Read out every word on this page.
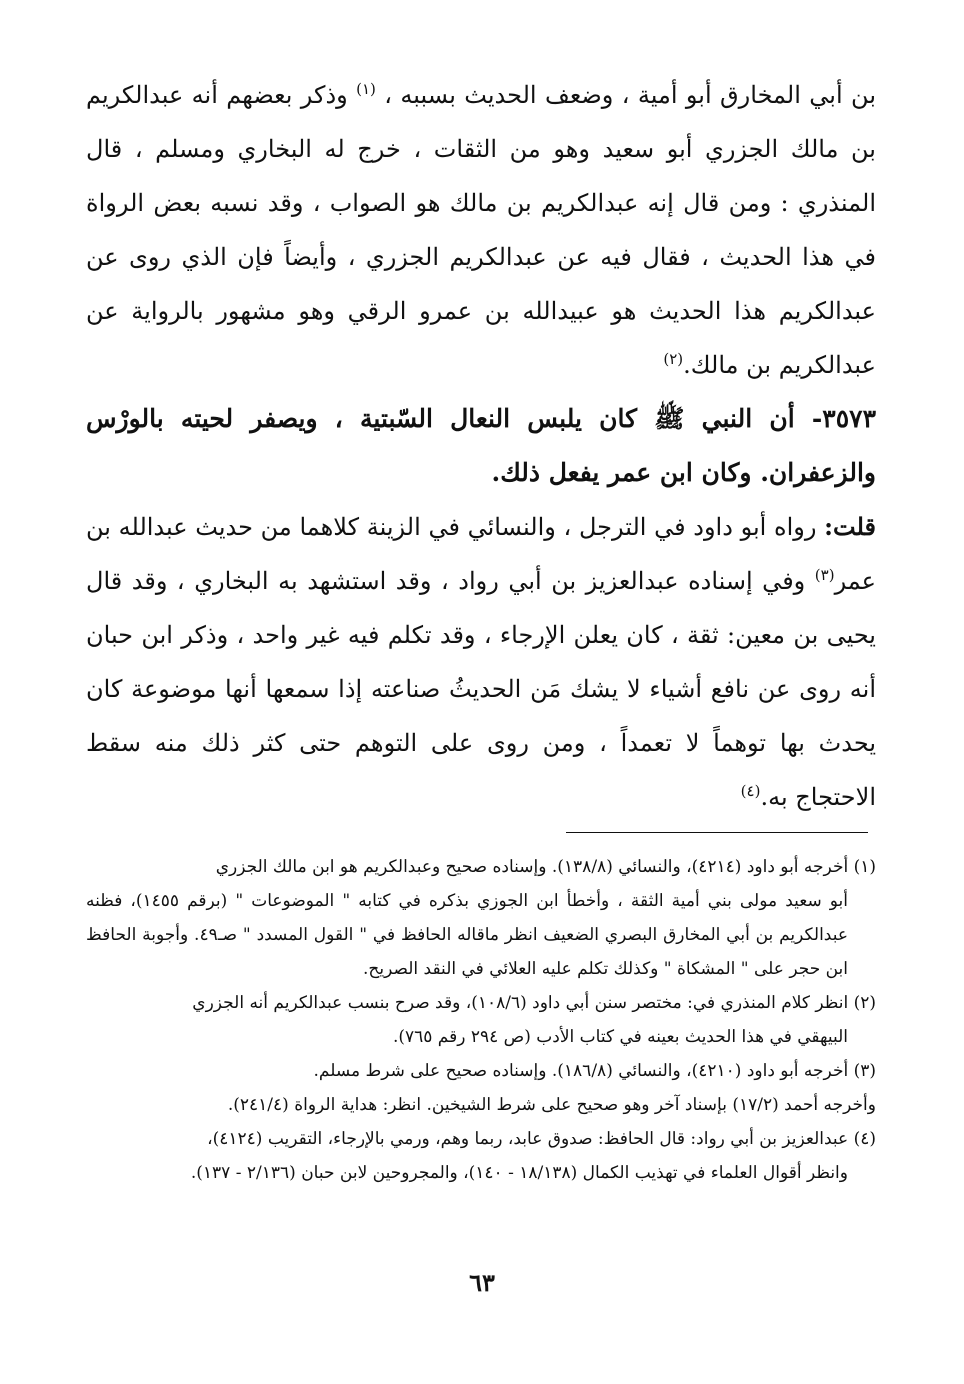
بن أبي المخارق أبو أمية ، وضعف الحديث بسببه ، $^{(١)}$ وذكر بعضهم أنه عبدالكريم بن مالك الجزري أبو سعيد وهو من الثقات ، خرج له البخاري ومسلم ، قال المنذري : ومن قال إنه عبدالكريم بن مالك هو الصواب ، وقد نسبه بعض الرواة في هذا الحديث ، فقال فيه عن عبدالكريم الجزري ، وأيضاً فإن الذي روى عن عبدالكريم هذا الحديث هو عبيدالله بن عمرو الرقي وهو مشهور بالرواية عن عبدالكريم بن مالك.$^{(٢)}$

٣٥٧٣- أن النبي ﷺ كان يلبس النعال السّبتية ، ويصفر لحيته بالورْس والزعفران. وكان ابن عمر يفعل ذلك.

قلت: رواه أبو داود في الترجل ، والنسائي في الزينة كلاهما من حديث عبدالله بن عمر$^{(٣)}$ وفي إسناده عبدالعزيز بن أبي رواد ، وقد استشهد به البخاري ، وقد قال يحيى بن معين: ثقة ، كان يعلن الإرجاء ، وقد تكلم فيه غير واحد ، وذكر ابن حبان أنه روى عن نافع أشياء لا يشك مَن الحديثُ صناعته إذا سمعها أنها موضوعة كان يحدث بها توهماً لا تعمداً ، ومن روى على التوهم حتى كثر ذلك منه سقط الاحتجاج به.$^{(٤)}$

(١) أخرجه أبو داود (٤٢١٤)، والنسائي (١٣٨/٨). وإسناده صحيح وعبدالكريم هو ابن مالك الجزري

أبو سعيد مولى بني أمية الثقة ، وأخطأ ابن الجوزي بذكره في كتابه " الموضوعات " (برقم ١٤٥٥)، فظنه عبدالكريم بن أبي المخارق البصري الضعيف انظر ماقاله الحافظ في " القول المسدد " صـ٤٩. وأجوبة الحافظ ابن حجر على " المشكاة " وكذلك تكلم عليه العلائي في النقد الصريح.

(٢) انظر كلام المنذري في: مختصر سنن أبي داود (١٠٨/٦)، وقد صرح بنسب عبدالكريم أنه الجزري

البيهقي في هذا الحديث بعينه في كتاب الأدب (ص ٢٩٤ رقم ٧٦٥).

(٣) أخرجه أبو داود (٤٢١٠)، والنسائي (١٨٦/٨). وإسناده صحيح على شرط مسلم.

وأخرجه أحمد (١٧/٢) بإسناد آخر وهو صحيح على شرط الشيخين. انظر: هداية الرواة (٢٤١/٤).

(٤) عبدالعزيز بن أبي رواد: قال الحافظ: صدوق عابد، ربما وهم، ورمي بالإرجاء، التقريب (٤١٢٤)،

وانظر أقوال العلماء في تهذيب الكمال (١٨/١٣٨ - ١٤٠)، والمجروحين لابن حبان (٢/١٣٦ - ١٣٧).

٦٣
